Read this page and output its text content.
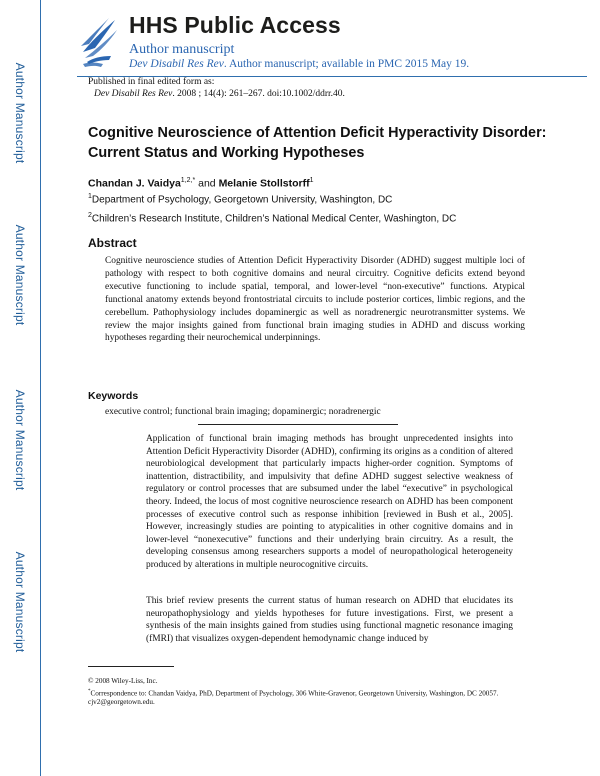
Author Manuscript
Author Manuscript
Author Manuscript
Author Manuscript
HHS Public Access
Author manuscript
Dev Disabil Res Rev. Author manuscript; available in PMC 2015 May 19.
Published in final edited form as:
Dev Disabil Res Rev. 2008 ; 14(4): 261–267. doi:10.1002/ddrr.40.
Cognitive Neuroscience of Attention Deficit Hyperactivity Disorder: Current Status and Working Hypotheses
Chandan J. Vaidya$^{1,2,*}$ and Melanie Stollstorff$^1$
$^1$Department of Psychology, Georgetown University, Washington, DC
$^2$Children’s Research Institute, Children’s National Medical Center, Washington, DC
Abstract
Cognitive neuroscience studies of Attention Deficit Hyperactivity Disorder (ADHD) suggest multiple loci of pathology with respect to both cognitive domains and neural circuitry. Cognitive deficits extend beyond executive functioning to include spatial, temporal, and lower-level “non-executive” functions. Atypical functional anatomy extends beyond frontostriatal circuits to include posterior cortices, limbic regions, and the cerebellum. Pathophysiology includes dopaminergic as well as noradrenergic neurotransmitter systems. We review the major insights gained from functional brain imaging studies in ADHD and discuss working hypotheses regarding their neurochemical underpinnings.
Keywords
executive control; functional brain imaging; dopaminergic; noradrenergic
Application of functional brain imaging methods has brought unprecedented insights into Attention Deficit Hyperactivity Disorder (ADHD), confirming its origins as a condition of altered neurobiological development that particularly impacts higher-order cognition. Symptoms of inattention, distractibility, and impulsivity that define ADHD suggest selective weakness of regulatory or control processes that are subsumed under the label “executive” in psychological theory. Indeed, the locus of most cognitive neuroscience research on ADHD has been component processes of executive control such as response inhibition [reviewed in Bush et al., 2005]. However, increasingly studies are pointing to atypicalities in other cognitive domains and in lower-level “nonexecutive” functions and their underlying brain circuitry. As a result, the developing consensus among researchers supports a model of neuropathological heterogeneity produced by alterations in multiple neurocognitive circuits.
This brief review presents the current status of human research on ADHD that elucidates its neuropathophysiology and yields hypotheses for future investigations. First, we present a synthesis of the main insights gained from studies using functional magnetic resonance imaging (fMRI) that visualizes oxygen-dependent hemodynamic change induced by
© 2008 Wiley-Liss, Inc.
*Correspondence to: Chandan Vaidya, PhD, Department of Psychology, 306 White-Gravenor, Georgetown University, Washington, DC 20057. cjv2@georgetown.edu.
